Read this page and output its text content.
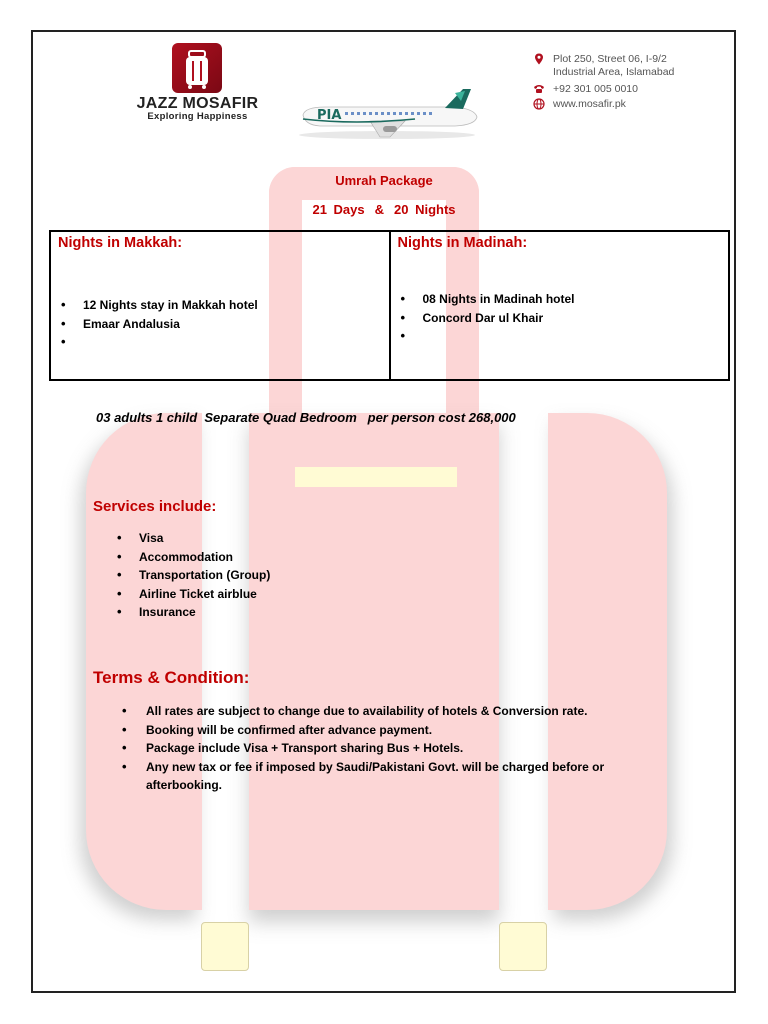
JAZZ MOSAFIR
Exploring Happiness	PIA
Plot 250, Street 06, I-9/2
Industrial Area, Islamabad
+92 301 005 0010
www.mosafir.pk
Umrah Package
21 Days & 20 Nights
Nights in Makkah:
• 12 Nights stay in Makkah hotel
• Emaar Andalusia
•
Nights in Madinah:
• 08 Nights in Madinah hotel
• Concord Dar ul Khair
•
03 adults 1 child  Separate Quad Bedroom   per person cost 268,000
Services include:
• Visa
• Accommodation
• Transportation (Group)
• Airline Ticket airblue
• Insurance
Terms & Condition:
• All rates are subject to change due to availability of hotels & Conversion rate.
• Booking will be confirmed after advance payment.
• Package include Visa + Transport sharing Bus + Hotels.
• Any new tax or fee if imposed by Saudi/Pakistani Govt. will be charged before or afterbooking.
